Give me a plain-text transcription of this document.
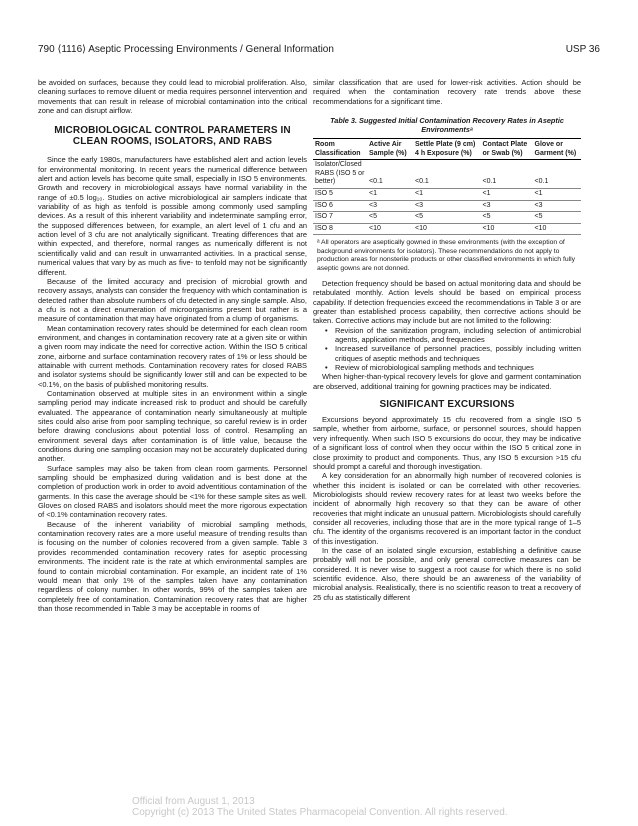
790 ⟨1116⟩ Aseptic Processing Environments / General Information	USP 36

be avoided on surfaces, because they could lead to microbial proliferation. Also, cleaning surfaces to remove diluent or media requires personnel intervention and movements that can result in release of microbial contamination into the critical zone and can disrupt airflow.

MICROBIOLOGICAL CONTROL PARAMETERS IN CLEAN ROOMS, ISOLATORS, AND RABS

Since the early 1980s, manufacturers have established alert and action levels for environmental monitoring. In recent years the numerical difference between alert and action levels has become quite small, especially in ISO 5 environments. Growth and recovery in microbiological assays have normal variability in the range of ±0.5 log₁₀. Studies on active microbiological air samplers indicate that variability of as high as tenfold is possible among commonly used sampling devices. As a result of this inherent variability and indeterminate sampling error, the supposed differences between, for example, an alert level of 1 cfu and an action level of 3 cfu are not analytically significant. Treating differences that are within expected, and therefore, normal ranges as numerically different is not scientifically valid and can result in unwarranted activities. In a practical sense, numerical values that vary by as much as five- to tenfold may not be significantly different.

Because of the limited accuracy and precision of microbial growth and recovery assays, analysts can consider the frequency with which contamination is detected rather than absolute numbers of cfu detected in any single sample. Also, a cfu is not a direct enumeration of microorganisms present but rather is a measure of contamination that may have originated from a clump of organisms.

Mean contamination recovery rates should be determined for each clean room environment, and changes in contamination recovery rate at a given site or within a given room may indicate the need for corrective action. Within the ISO 5 critical zone, airborne and surface contamination recovery rates of 1% or less should be attainable with current methods. Contamination recovery rates for closed RABS and isolator systems should be significantly lower still and can be expected to be <0.1%, on the basis of published monitoring results.

Contamination observed at multiple sites in an environment within a single sampling period may indicate increased risk to product and should be carefully evaluated. The appearance of contamination nearly simultaneously at multiple sites could also arise from poor sampling technique, so careful review is in order before drawing conclusions about potential loss of control. Resampling an environment several days after contamination is of little value, because the conditions during one sampling occasion may not be accurately duplicated during another.

Surface samples may also be taken from clean room garments. Personnel sampling should be emphasized during validation and is best done at the completion of production work in order to avoid adventitious contamination of the garments. In this case the average should be <1% for these sample sites as well. Gloves on closed RABS and isolators should meet the more rigorous expectation of <0.1% contamination recovery rates.

Because of the inherent variability of microbial sampling methods, contamination recovery rates are a more useful measure of trending results than is focusing on the number of colonies recovered from a given sample. Table 3 provides recommended contamination recovery rates for aseptic processing environments. The incident rate is the rate at which environmental samples are found to contain microbial contamination. For example, an incident rate of 1% would mean that only 1% of the samples taken have any contamination regardless of colony number. In other words, 99% of the samples taken are completely free of contamination. Contamination recovery rates that are higher than those recommended in Table 3 may be acceptable in rooms of

similar classification that are used for lower-risk activities. Action should be required when the contamination recovery rate trends above these recommendations for a significant time.

Table 3. Suggested Initial Contamination Recovery Rates in Aseptic Environmentsᵃ
Room Classification	Active Air Sample (%)	Settle Plate (9 cm) 4 h Exposure (%)	Contact Plate or Swab (%)	Glove or Garment (%)
Isolator/Closed RABS (ISO 5 or better)	<0.1	<0.1	<0.1	<0.1
ISO 5	<1	<1	<1	<1
ISO 6	<3	<3	<3	<3
ISO 7	<5	<5	<5	<5
ISO 8	<10	<10	<10	<10
ᵃ All operators are aseptically gowned in these environments (with the exception of background environments for isolators). These recommendations do not apply to production areas for nonsterile products or other classified environments in which fully aseptic gowns are not donned.

Detection frequency should be based on actual monitoring data and should be retabulated monthly. Action levels should be based on empirical process capability. If detection frequencies exceed the recommendations in Table 3 or are greater than established process capability, then corrective actions should be taken. Corrective actions may include but are not limited to the following:

• Revision of the sanitization program, including selection of antimicrobial agents, application methods, and frequencies
• Increased surveillance of personnel practices, possibly including written critiques of aseptic methods and techniques
• Review of microbiological sampling methods and techniques

When higher-than-typical recovery levels for glove and garment contamination are observed, additional training for gowning practices may be indicated.

SIGNIFICANT EXCURSIONS

Excursions beyond approximately 15 cfu recovered from a single ISO 5 sample, whether from airborne, surface, or personnel sources, should happen very infrequently. When such ISO 5 excursions do occur, they may be indicative of a significant loss of control when they occur within the ISO 5 critical zone in close proximity to product and components. Thus, any ISO 5 excursion >15 cfu should prompt a careful and thorough investigation.

A key consideration for an abnormally high number of recovered colonies is whether this incident is isolated or can be correlated with other recoveries. Microbiologists should review recovery rates for at least two weeks before the incident of abnormally high recovery so that they can be aware of other recoveries that might indicate an unusual pattern. Microbiologists should carefully consider all recoveries, including those that are in the more typical range of 1–5 cfu. The identity of the organisms recovered is an important factor in the conduct of this investigation.

In the case of an isolated single excursion, establishing a definitive cause probably will not be possible, and only general corrective measures can be considered. It is never wise to suggest a root cause for which there is no solid scientific evidence. Also, there should be an awareness of the variability of microbial analysis. Realistically, there is no scientific reason to treat a recovery of 25 cfu as statistically different

Official from August 1, 2013
Copyright (c) 2013 The United States Pharmacopeial Convention. All rights reserved.
